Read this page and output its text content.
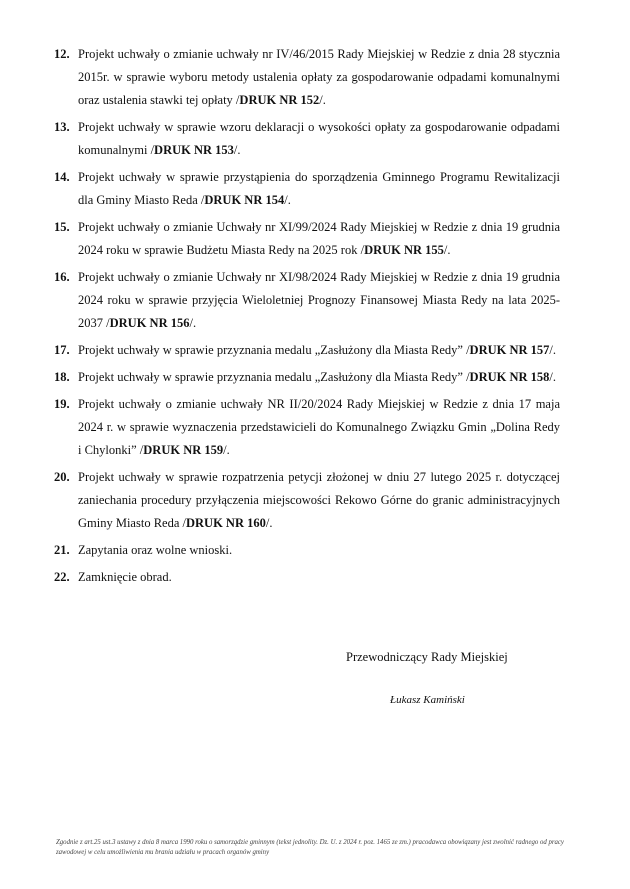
12. Projekt uchwały o zmianie uchwały nr IV/46/2015 Rady Miejskiej w Redzie z dnia 28 stycznia 2015r. w sprawie wyboru metody ustalenia opłaty za gospodarowanie odpadami komunalnymi oraz ustalenia stawki tej opłaty /DRUK NR 152/.
13. Projekt uchwały w sprawie wzoru deklaracji o wysokości opłaty za gospodarowanie odpadami komunalnymi /DRUK NR 153/.
14. Projekt uchwały w sprawie przystąpienia do sporządzenia Gminnego Programu Rewitalizacji dla Gminy Miasto Reda /DRUK NR 154/.
15. Projekt uchwały o zmianie Uchwały nr XI/99/2024 Rady Miejskiej w Redzie z dnia 19 grudnia 2024 roku w sprawie Budżetu Miasta Redy na 2025 rok /DRUK NR 155/.
16. Projekt uchwały o zmianie Uchwały nr XI/98/2024 Rady Miejskiej w Redzie z dnia 19 grudnia 2024 roku w sprawie przyjęcia Wieloletniej Prognozy Finansowej Miasta Redy na lata 2025-2037 /DRUK NR 156/.
17. Projekt uchwały w sprawie przyznania medalu „Zasłużony dla Miasta Redy” /DRUK NR 157/.
18. Projekt uchwały w sprawie przyznania medalu „Zasłużony dla Miasta Redy” /DRUK NR 158/.
19. Projekt uchwały o zmianie uchwały NR II/20/2024 Rady Miejskiej w Redzie z dnia 17 maja 2024 r. w sprawie wyznaczenia przedstawicieli do Komunalnego Związku Gmin „Dolina Redy i Chylonki” /DRUK NR 159/.
20. Projekt uchwały w sprawie rozpatrzenia petycji złożonej w dniu 27 lutego 2025 r. dotyczącej zaniechania procedury przyłączenia miejscowości Rekowo Górne do granic administracyjnych Gminy Miasto Reda /DRUK NR 160/.
21. Zapytania oraz wolne wnioski.
22. Zamknięcie obrad.
Przewodniczący Rady Miejskiej
Łukasz Kamiński
Zgodnie z art.25 ust.3 ustawy z dnia 8 marca 1990 roku o samorządzie gminnym (tekst jednolity. Dz. U. z 2024 r. poz. 1465 ze zm.) pracodawca obowiązany jest zwolnić radnego od pracy zawodowej w celu umożliwienia mu brania udziału w pracach organów gminy
